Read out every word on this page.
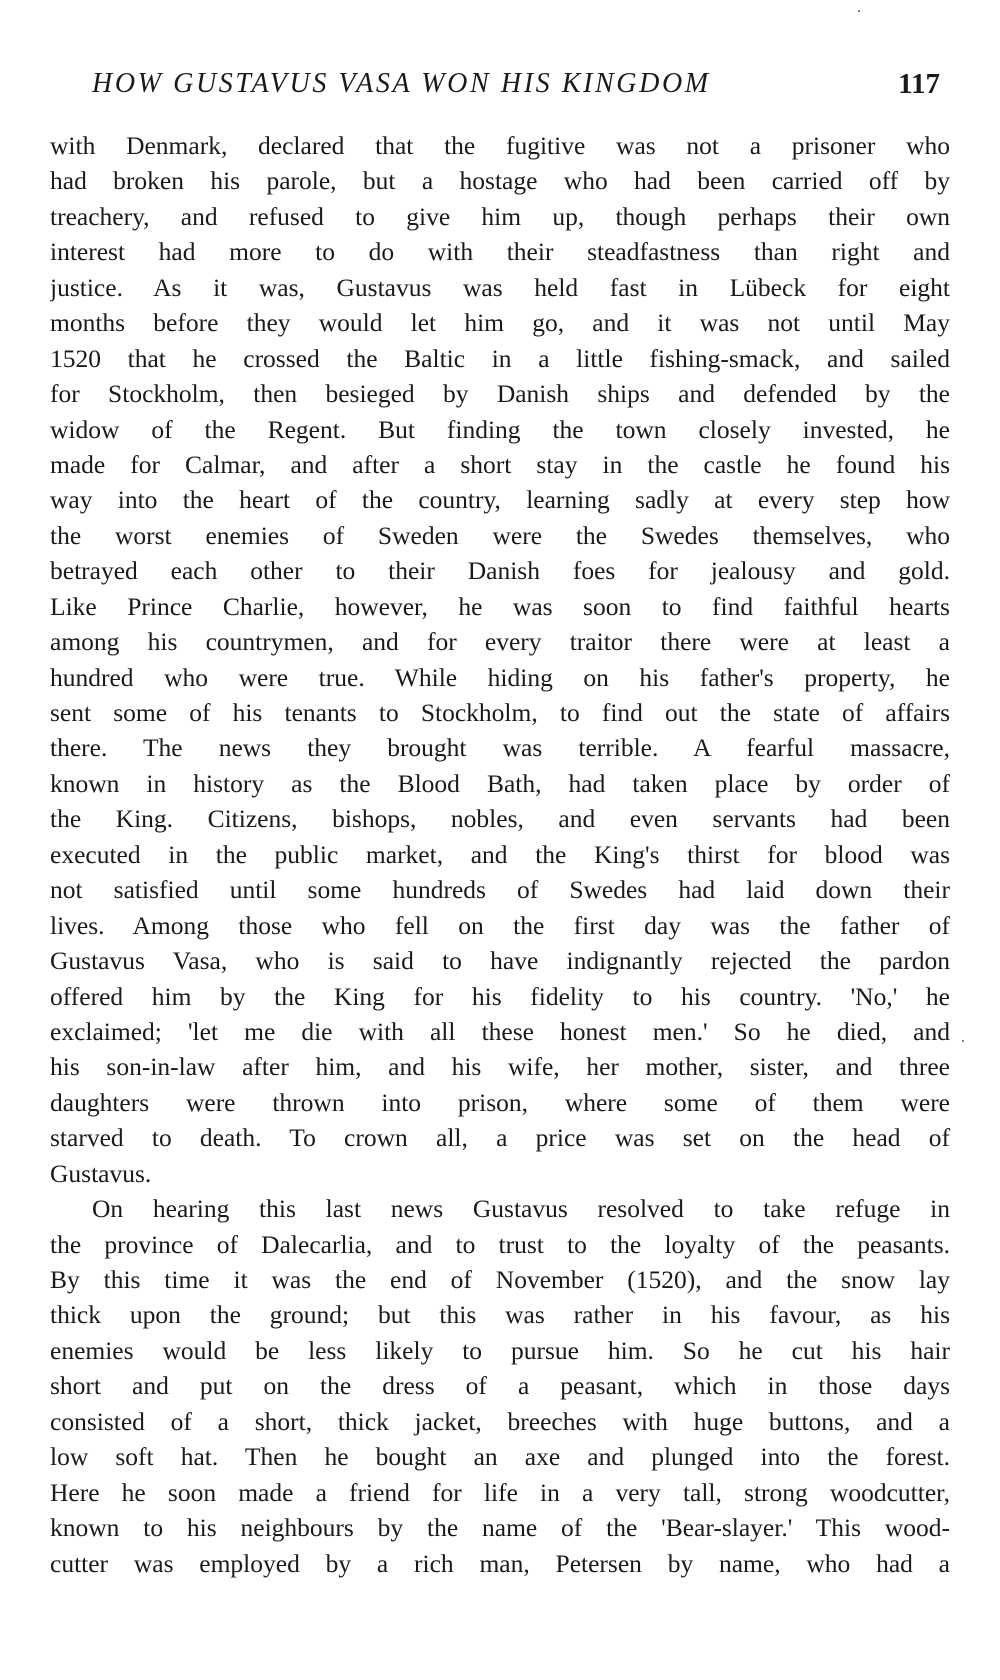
HOW GUSTAVUS VASA WON HIS KINGDOM	117
with Denmark, declared that the fugitive was not a prisoner who
had broken his parole, but a hostage who had been carried off by
treachery, and refused to give him up, though perhaps their own
interest had more to do with their steadfastness than right and
justice. As it was, Gustavus was held fast in Lübeck for eight
months before they would let him go, and it was not until May
1520 that he crossed the Baltic in a little fishing-smack, and sailed
for Stockholm, then besieged by Danish ships and defended by the
widow of the Regent. But finding the town closely invested, he
made for Calmar, and after a short stay in the castle he found his
way into the heart of the country, learning sadly at every step how
the worst enemies of Sweden were the Swedes themselves, who
betrayed each other to their Danish foes for jealousy and gold.
Like Prince Charlie, however, he was soon to find faithful hearts
among his countrymen, and for every traitor there were at least a
hundred who were true. While hiding on his father's property, he
sent some of his tenants to Stockholm, to find out the state of affairs
there. The news they brought was terrible. A fearful massacre,
known in history as the Blood Bath, had taken place by order of
the King. Citizens, bishops, nobles, and even servants had been
executed in the public market, and the King's thirst for blood was
not satisfied until some hundreds of Swedes had laid down their
lives. Among those who fell on the first day was the father of
Gustavus Vasa, who is said to have indignantly rejected the pardon
offered him by the King for his fidelity to his country. 'No,' he
exclaimed; 'let me die with all these honest men.' So he died, and
his son-in-law after him, and his wife, her mother, sister, and three
daughters were thrown into prison, where some of them were
starved to death. To crown all, a price was set on the head of
Gustavus.
On hearing this last news Gustavus resolved to take refuge in
the province of Dalecarlia, and to trust to the loyalty of the peasants.
By this time it was the end of November (1520), and the snow lay
thick upon the ground; but this was rather in his favour, as his
enemies would be less likely to pursue him. So he cut his hair
short and put on the dress of a peasant, which in those days
consisted of a short, thick jacket, breeches with huge buttons, and a
low soft hat. Then he bought an axe and plunged into the forest.
Here he soon made a friend for life in a very tall, strong woodcutter,
known to his neighbours by the name of the 'Bear-slayer.' This wood-
cutter was employed by a rich man, Petersen by name, who had a
